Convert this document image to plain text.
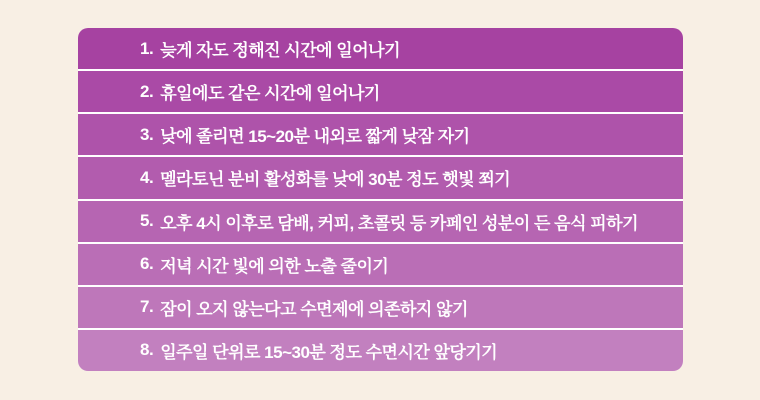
1. 늦게 자도 정해진 시간에 일어나기
2. 휴일에도 같은 시간에 일어나기
3. 낮에 졸리면 15~20분 내외로 짧게 낮잠 자기
4. 멜라토닌 분비 활성화를 낮에 30분 정도 햇빛 쬐기
5. 오후 4시 이후로 담배, 커피, 초콜릿 등 카페인 성분이 든 음식 피하기
6. 저녁 시간 빛에 의한 노출 줄이기
7. 잠이 오지 않는다고 수면제에 의존하지 않기
8. 일주일 단위로 15~30분 정도 수면시간 앞당기기
